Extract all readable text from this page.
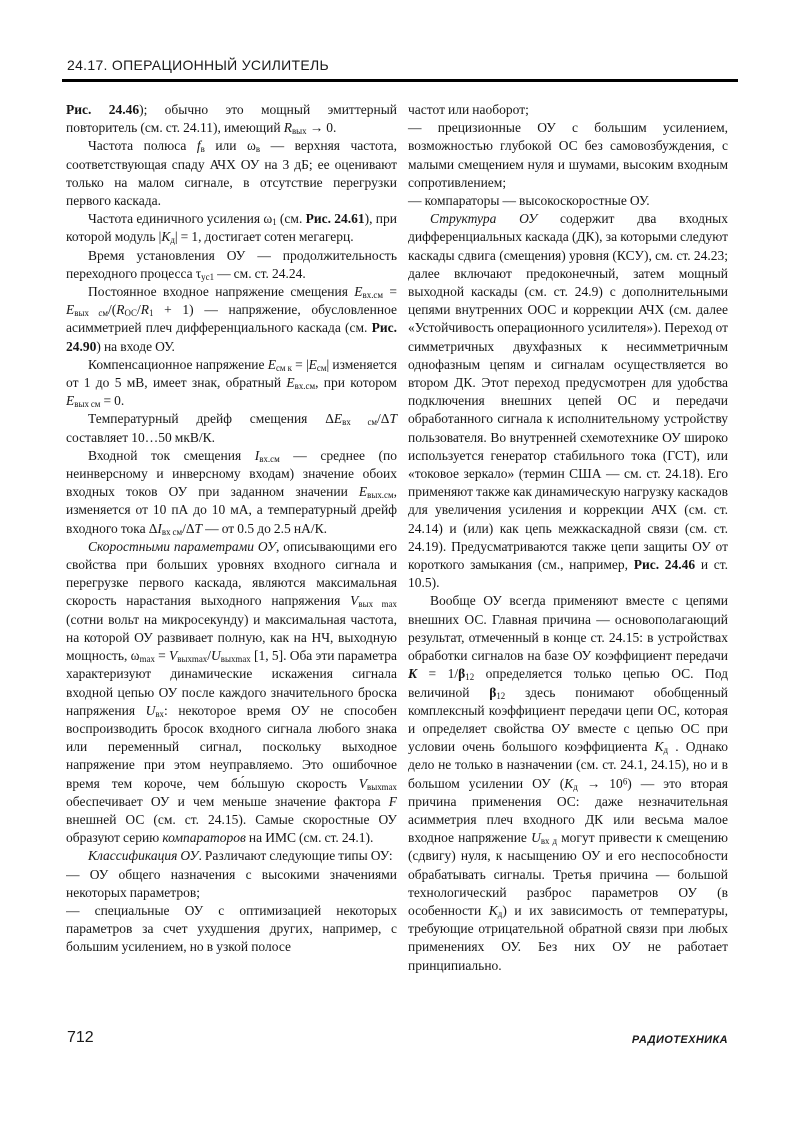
24.17. ОПЕРАЦИОННЫЙ УСИЛИТЕЛЬ

Рис. 24.46); обычно это мощный эмиттерный повторитель (см. ст. 24.11), имеющий Rвых → 0.

Частота полюса fв или ωв — верхняя частота, соответствующая спаду АЧХ ОУ на 3 дБ; ее оценивают только на малом сигнале, в отсутствие перегрузки первого каскада.

Частота единичного усиления ω1 (см. Рис. 24.61), при которой модуль |Kд| = 1, достигает сотен мегагерц.

Время установления ОУ — продолжительность переходного процесса τус1 — см. ст. 24.24.

Постоянное входное напряжение смещения Eвх.см = Eвых см/(RОС/R1 + 1) — напряжение, обусловленное асимметрией плеч дифференциального каскада (см. Рис. 24.90) на входе ОУ.

Компенсационное напряжение Eсм к = |Eсм| изменяется от 1 до 5 мВ, имеет знак, обратный Eвх.см, при котором Eвых см = 0.

Температурный дрейф смещения ΔEвх см/ΔT составляет 10…50 мкВ/К.

Входной ток смещения Iвх.см — среднее (по неинверсному и инверсному входам) значение обоих входных токов ОУ при заданном значении Eвых.см, изменяется от 10 пА до 10 мА, а температурный дрейф входного тока ΔIвх см/ΔT — от 0.5 до 2.5 нА/К.

Скоростными параметрами ОУ, описывающими его свойства при больших уровнях входного сигнала и перегрузке первого каскада, являются максимальная скорость нарастания выходного напряжения Vвых max (сотни вольт на микросекунду) и максимальная частота, на которой ОУ развивает полную, как на НЧ, выходную мощность, ωmax = Vвыхmax/Uвыхmax [1, 5]. Оба эти параметра характеризуют динамические искажения сигнала входной цепью ОУ после каждого значительного броска напряжения Uвх: некоторое время ОУ не способен воспроизводить бросок входного сигнала любого знака или переменный сигнал, поскольку выходное напряжение при этом неуправляемо. Это ошибочное время тем короче, чем бо́льшую скорость Vвыхmax обеспечивает ОУ и чем меньше значение фактора F внешней ОС (см. ст. 24.15). Самые скоростные ОУ образуют серию компараторов на ИМС (см. ст. 24.1).

Классификация ОУ. Различают следующие типы ОУ:

— ОУ общего назначения с высокими значениями некоторых параметров;

— специальные ОУ с оптимизацией некоторых параметров за счет ухудшения других, например, с большим усилением, но в узкой полосе

частот или наоборот;

— прецизионные ОУ с большим усилением, возможностью глубокой ОС без самовозбуждения, с малыми смещением нуля и шумами, высоким входным сопротивлением;

— компараторы — высокоскоростные ОУ.

Структура ОУ содержит два входных дифференциальных каскада (ДК), за которыми следуют каскады сдвига (смещения) уровня (КСУ), см. ст. 24.23; далее включают предоконечный, затем мощный выходной каскады (см. ст. 24.9) с дополнительными цепями внутренних ООС и коррекции АЧХ (см. далее «Устойчивость операционного усилителя»). Переход от симметричных двухфазных к несимметричным однофазным цепям и сигналам осуществляется во втором ДК. Этот переход предусмотрен для удобства подключения внешних цепей ОС и передачи обработанного сигнала к исполнительному устройству пользователя. Во внутренней схемотехнике ОУ широко используется генератор стабильного тока (ГСТ), или «токовое зеркало» (термин США — см. ст. 24.18). Его применяют также как динамическую нагрузку каскадов для увеличения усиления и коррекции АЧХ (см. ст. 24.14) и (или) как цепь межкаскадной связи (см. ст. 24.19). Предусматриваются также цепи защиты ОУ от короткого замыкания (см., например, Рис. 24.46 и ст. 10.5).

Вообще ОУ всегда применяют вместе с цепями внешних ОС. Главная причина — основополагающий результат, отмеченный в конце ст. 24.15: в устройствах обработки сигналов на базе ОУ коэффициент передачи K = 1/β12 определяется только цепью ОС. Под величиной β12 здесь понимают обобщенный комплексный коэффициент передачи цепи ОС, которая и определяет свойства ОУ вместе с цепью ОС при условии очень большого коэффициента Kд . Однако дело не только в назначении (см. ст. 24.1, 24.15), но и в большом усилении ОУ $(Kд \to 10^6)$ — это вторая причина применения ОС: даже незначительная асимметрия плеч входного ДК или весьма малое входное напряжение Uвх д могут привести к смещению (сдвигу) нуля, к насыщению ОУ и его неспособности обрабатывать сигналы. Третья причина — большой технологический разброс параметров ОУ (в особенности Kд) и их зависимость от температуры, требующие отрицательной обратной связи при любых применениях ОУ. Без них ОУ не работает принципиально.

712	РАДИОТЕХНИКА
